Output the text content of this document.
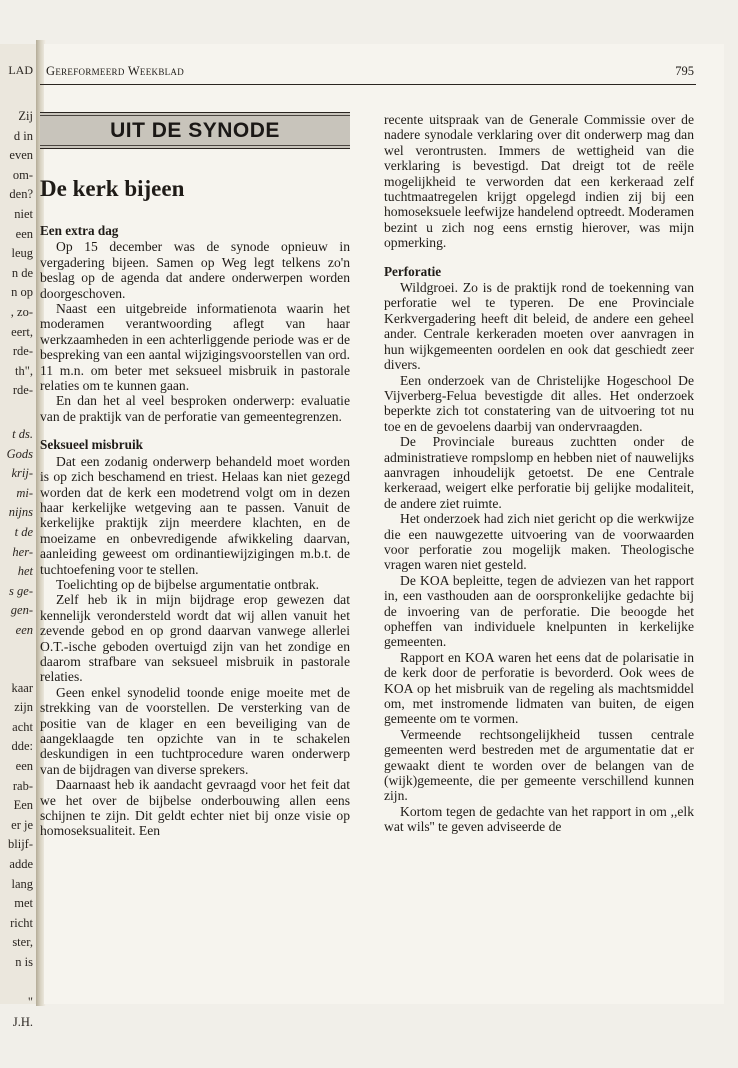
LAD
Zij
d in
even
om-
den?
niet
een
leug
n de
n op
, zo-
eert,
rde-
th",
rde-
t ds.
Gods
krij-
mi-
nijns
t de
her-
het
s ge-
gen-
een
kaar
zijn
acht
dde:
een
rab-
Een
er je
blijf-
adde
lang
met
richt
ster,
n is
"
J.H.
Gereformeerd Weekblad	795
UIT DE SYNODE
De kerk bijeen
Een extra dag

Op 15 december was de synode opnieuw in vergadering bijeen. Samen op Weg legt telkens zo'n beslag op de agenda dat andere onderwerpen worden doorgeschoven.

Naast een uitgebreide informatienota waarin het moderamen verantwoording aflegt van haar werkzaamheden in een achterliggende periode was er de bespreking van een aantal wijzigingsvoorstellen van ord. 11 m.n. om beter met seksueel misbruik in pastorale relaties om te kunnen gaan.

En dan het al veel besproken onderwerp: evaluatie van de praktijk van de perforatie van gemeentegrenzen.

Seksueel misbruik

Dat een zodanig onderwerp behandeld moet worden is op zich beschamend en triest. Helaas kan niet gezegd worden dat de kerk een modetrend volgt om in dezen haar kerkelijke wetgeving aan te passen. Vanuit de kerkelijke praktijk zijn meerdere klachten, en de moeizame en onbevredigende afwikkeling daarvan, aanleiding geweest om ordinantiewijzigingen m.b.t. de tuchtoefening voor te stellen.

Toelichting op de bijbelse argumentatie ontbrak.

Zelf heb ik in mijn bijdrage erop gewezen dat kennelijk verondersteld wordt dat wij allen vanuit het zevende gebod en op grond daarvan vanwege allerlei O.T.-ische geboden overtuigd zijn van het zondige en daarom strafbare van seksueel misbruik in pastorale relaties.

Geen enkel synodelid toonde enige moeite met de strekking van de voorstellen. De versterking van de positie van de klager en een beveiliging van de aangeklaagde ten opzichte van in te schakelen deskundigen in een tuchtprocedure waren onderwerp van de bijdragen van diverse sprekers.

Daarnaast heb ik aandacht gevraagd voor het feit dat we het over de bijbelse onderbouwing allen eens schijnen te zijn. Dit geldt echter niet bij onze visie op homoseksualiteit. Een

recente uitspraak van de Generale Commissie over de nadere synodale verklaring over dit onderwerp mag dan wel verontrusten. Immers de wettigheid van die verklaring is bevestigd. Dat dreigt tot de reële mogelijkheid te verworden dat een kerkeraad zelf tuchtmaatregelen krijgt opgelegd indien zij bij een homoseksuele leefwijze handelend optreedt. Moderamen bezint u zich nog eens ernstig hierover, was mijn opmerking.

Perforatie

Wildgroei. Zo is de praktijk rond de toekenning van perforatie wel te typeren. De ene Provinciale Kerkvergadering heeft dit beleid, de andere een geheel ander. Centrale kerkeraden moeten over aanvragen in hun wijkgemeenten oordelen en ook dat geschiedt zeer divers.

Een onderzoek van de Christelijke Hogeschool De Vijverberg-Felua bevestigde dit alles. Het onderzoek beperkte zich tot constatering van de uitvoering tot nu toe en de gevoelens daarbij van ondervraagden.

De Provinciale bureaus zuchtten onder de administratieve rompslomp en hebben niet of nauwelijks aanvragen inhoudelijk getoetst. De ene Centrale kerkeraad, weigert elke perforatie bij gelijke modaliteit, de andere ziet ruimte.

Het onderzoek had zich niet gericht op die werkwijze die een nauwgezette uitvoering van de voorwaarden voor perforatie zou mogelijk maken. Theologische vragen waren niet gesteld.

De KOA bepleitte, tegen de adviezen van het rapport in, een vasthouden aan de oorspronkelijke gedachte bij de invoering van de perforatie. Die beoogde het opheffen van individuele knelpunten in kerkelijke gemeenten.

Rapport en KOA waren het eens dat de polarisatie in de kerk door de perforatie is bevorderd. Ook wees de KOA op het misbruik van de regeling als machtsmiddel om, met instromende lidmaten van buiten, de eigen gemeente om te vormen.

Vermeende rechtsongelijkheid tussen centrale gemeenten werd bestreden met de argumentatie dat er gewaakt dient te worden over de belangen van de (wijk)gemeente, die per gemeente verschillend kunnen zijn.

Kortom tegen de gedachte van het rapport in om ,,elk wat wils'' te geven adviseerde de
